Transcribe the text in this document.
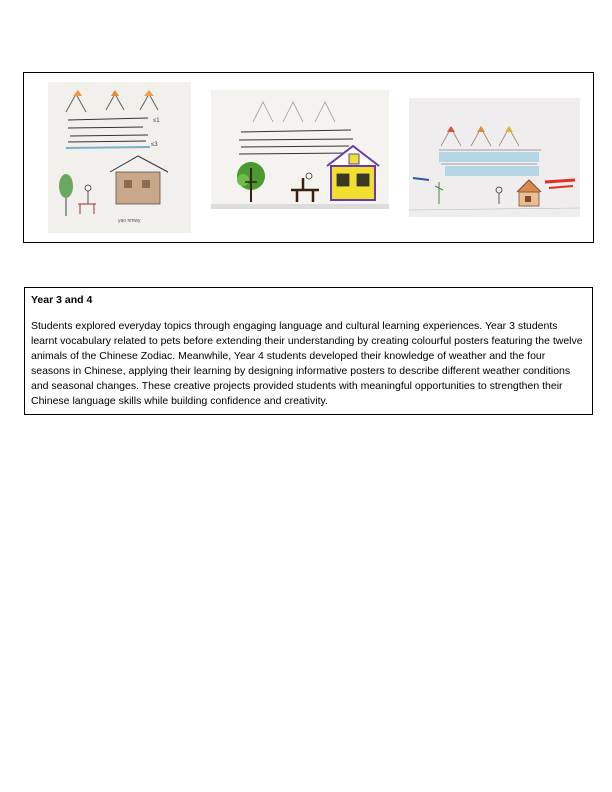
≤1
≤3
yao nmwy

Year 3 and 4

Students explored everyday topics through engaging language and cultural learning experiences. Year 3 students learnt vocabulary related to pets before extending their understanding by creating colourful posters featuring the twelve animals of the Chinese Zodiac. Meanwhile, Year 4 students developed their knowledge of weather and the four seasons in Chinese, applying their learning by designing informative posters to describe different weather conditions and seasonal changes. These creative projects provided students with meaningful opportunities to strengthen their Chinese language skills while building confidence and creativity.
